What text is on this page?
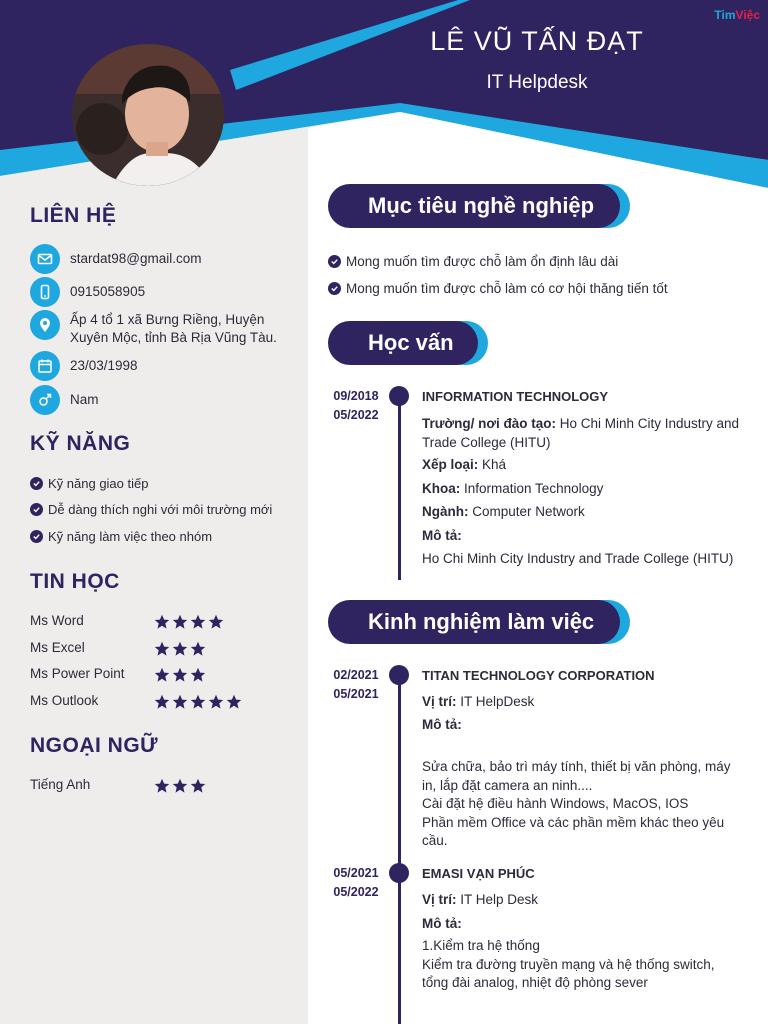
TimViệc
LÊ VŨ TẤN ĐẠT
IT Helpdesk
LIÊN HỆ
stardat98@gmail.com
0915058905
Ấp 4 tổ 1 xã Bưng Riềng, Huyện Xuyên Mộc, tỉnh Bà Rịa Vũng Tàu.
23/03/1998
Nam
KỸ NĂNG
Kỹ năng giao tiếp
Dễ dàng thích nghi với môi trường mới
Kỹ năng làm việc theo nhóm
TIN HỌC
Ms Word
Ms Excel
Ms Power Point
Ms Outlook
NGOẠI NGỮ
Tiếng Anh
Mục tiêu nghề nghiệp
Mong muốn tìm được chỗ làm ổn định lâu dài
Mong muốn tìm được chỗ làm có cơ hội thăng tiến tốt
Học vấn
09/2018
05/2022
INFORMATION TECHNOLOGY
Trường/ nơi đào tạo: Ho Chi Minh City Industry and Trade College (HITU)
Xếp loại: Khá
Khoa: Information Technology
Ngành: Computer Network
Mô tả:
Ho Chi Minh City Industry and Trade College (HITU)
Kinh nghiệm làm việc
02/2021
05/2021
TITAN TECHNOLOGY CORPORATION
Vị trí: IT HelpDesk
Mô tả:
Sửa chữa, bảo trì máy tính, thiết bị văn phòng, máy in, lắp đặt camera an ninh....
Cài đặt hệ điều hành Windows, MacOS, IOS
Phần mềm Office và các phần mềm khác theo yêu cầu.
05/2021
05/2022
EMASI VẠN PHÚC
Vị trí: IT Help Desk
Mô tả:
1.Kiểm tra hệ thống
Kiểm tra đường truyền mạng và hệ thống switch, tổng đài analog, nhiệt độ phòng sever
